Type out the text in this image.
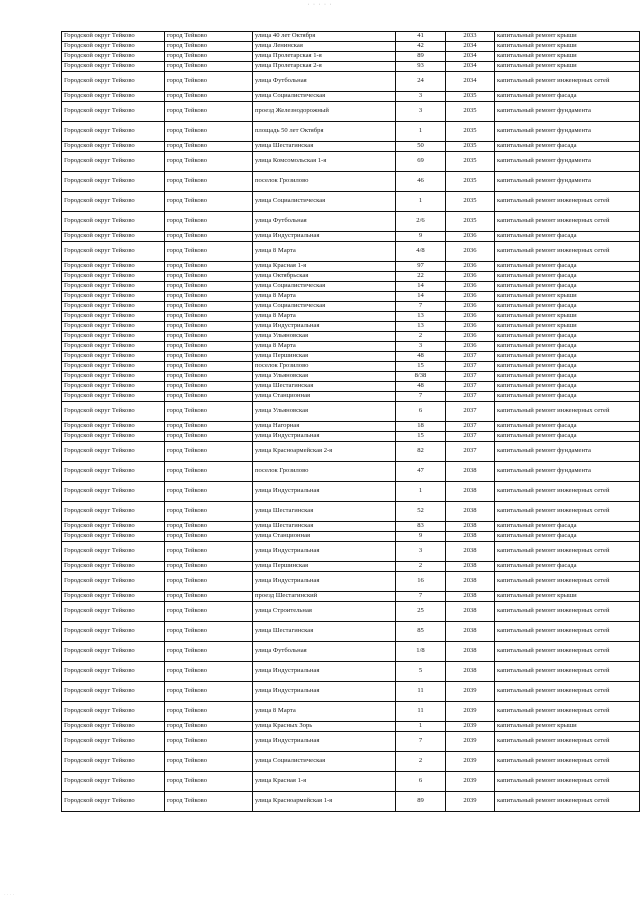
· · · · ·
Городской округ Тейково	город Тейково	улица 40 лет Октября	41	2033	капитальный ремонт крыши
Городской округ Тейково	город Тейково	улица Ленинская	42	2034	капитальный ремонт крыши
Городской округ Тейково	город Тейково	улица Пролетарская 1-я	89	2034	капитальный ремонт крыши
Городской округ Тейково	город Тейково	улица Пролетарская 2-я	93	2034	капитальный ремонт крыши
Городской округ Тейково	город Тейково	улица Футбольная	24	2034	капитальный ремонт инженерных сетей
Городской округ Тейково	город Тейково	улица Социалистическая	3	2035	капитальный ремонт фасада
Городской округ Тейково	город Тейково	проезд Железнодорожный	3	2035	капитальный ремонт фундамента
Городской округ Тейково	город Тейково	площадь 50 лет Октября	1	2035	капитальный ремонт фундамента
Городской округ Тейково	город Тейково	улица Шестагинская	50	2035	капитальный ремонт фасада
Городской округ Тейково	город Тейково	улица Комсомольская 1-я	69	2035	капитальный ремонт фундамента
Городской округ Тейково	город Тейково	поселок Грозилово	46	2035	капитальный ремонт фундамента
Городской округ Тейково	город Тейково	улица Социалистическая	1	2035	капитальный ремонт инженерных сетей
Городской округ Тейково	город Тейково	улица Футбольная	2/6	2035	капитальный ремонт инженерных сетей
Городской округ Тейково	город Тейково	улица Индустриальная	9	2036	капитальный ремонт фасада
Городской округ Тейково	город Тейково	улица 8 Марта	4/8	2036	капитальный ремонт инженерных сетей
Городской округ Тейково	город Тейково	улица Красная 1-я	97	2036	капитальный ремонт фасада
Городской округ Тейково	город Тейково	улица Октябрьская	22	2036	капитальный ремонт фасада
Городской округ Тейково	город Тейково	улица Социалистическая	14	2036	капитальный ремонт фасада
Городской округ Тейково	город Тейково	улица 8 Марта	14	2036	капитальный ремонт крыши
Городской округ Тейково	город Тейково	улица Социалистическая	7	2036	капитальный ремонт фасада
Городской округ Тейково	город Тейково	улица 8 Марта	13	2036	капитальный ремонт крыши
Городской округ Тейково	город Тейково	улица Индустриальная	13	2036	капитальный ремонт крыши
Городской округ Тейково	город Тейково	улица Ульяновская	2	2036	капитальный ремонт фасада
Городской округ Тейково	город Тейково	улица 8 Марта	3	2036	капитальный ремонт фасада
Городской округ Тейково	город Тейково	улица Першинская	48	2037	капитальный ремонт фасада
Городской округ Тейково	город Тейково	поселок Грозилово	15	2037	капитальный ремонт фасада
Городской округ Тейково	город Тейково	улица Ульяновская	8/38	2037	капитальный ремонт фасада
Городской округ Тейково	город Тейково	улица Шестагинская	48	2037	капитальный ремонт фасада
Городской округ Тейково	город Тейково	улица Станционная	7	2037	капитальный ремонт фасада
Городской округ Тейково	город Тейково	улица Ульяновская	6	2037	капитальный ремонт инженерных сетей
Городской округ Тейково	город Тейково	улица Нагорная	18	2037	капитальный ремонт фасада
Городской округ Тейково	город Тейково	улица Индустриальная	15	2037	капитальный ремонт фасада
Городской округ Тейково	город Тейково	улица Красноармейская 2-я	82	2037	капитальный ремонт фундамента
Городской округ Тейково	город Тейково	поселок Грозилово	47	2038	капитальный ремонт фундамента
Городской округ Тейково	город Тейково	улица Индустриальная	1	2038	капитальный ремонт инженерных сетей
Городской округ Тейково	город Тейково	улица Шестагинская	52	2038	капитальный ремонт инженерных сетей
Городской округ Тейково	город Тейково	улица Шестагинская	83	2038	капитальный ремонт фасада
Городской округ Тейково	город Тейково	улица Станционная	9	2038	капитальный ремонт фасада
Городской округ Тейково	город Тейково	улица Индустриальная	3	2038	капитальный ремонт инженерных сетей
Городской округ Тейково	город Тейково	улица Першинская	2	2038	капитальный ремонт фасада
Городской округ Тейково	город Тейково	улица Индустриальная	16	2038	капитальный ремонт инженерных сетей
Городской округ Тейково	город Тейково	проезд Шестагинский	7	2038	капитальный ремонт крыши
Городской округ Тейково	город Тейково	улица Строительная	25	2038	капитальный ремонт инженерных сетей
Городской округ Тейково	город Тейково	улица Шестагинская	85	2038	капитальный ремонт инженерных сетей
Городской округ Тейково	город Тейково	улица Футбольная	1/8	2038	капитальный ремонт инженерных сетей
Городской округ Тейково	город Тейково	улица Индустриальная	5	2038	капитальный ремонт инженерных сетей
Городской округ Тейково	город Тейково	улица Индустриальная	11	2039	капитальный ремонт инженерных сетей
Городской округ Тейково	город Тейково	улица 8 Марта	11	2039	капитальный ремонт инженерных сетей
Городской округ Тейково	город Тейково	улица Красных Зорь	1	2039	капитальный ремонт крыши
Городской округ Тейково	город Тейково	улица Индустриальная	7	2039	капитальный ремонт инженерных сетей
Городской округ Тейково	город Тейково	улица Социалистическая	2	2039	капитальный ремонт инженерных сетей
Городской округ Тейково	город Тейково	улица Красная 1-я	6	2039	капитальный ремонт инженерных сетей
Городской округ Тейково	город Тейково	улица Красноармейская 1-я	89	2039	капитальный ремонт инженерных сетей
· · · ·
